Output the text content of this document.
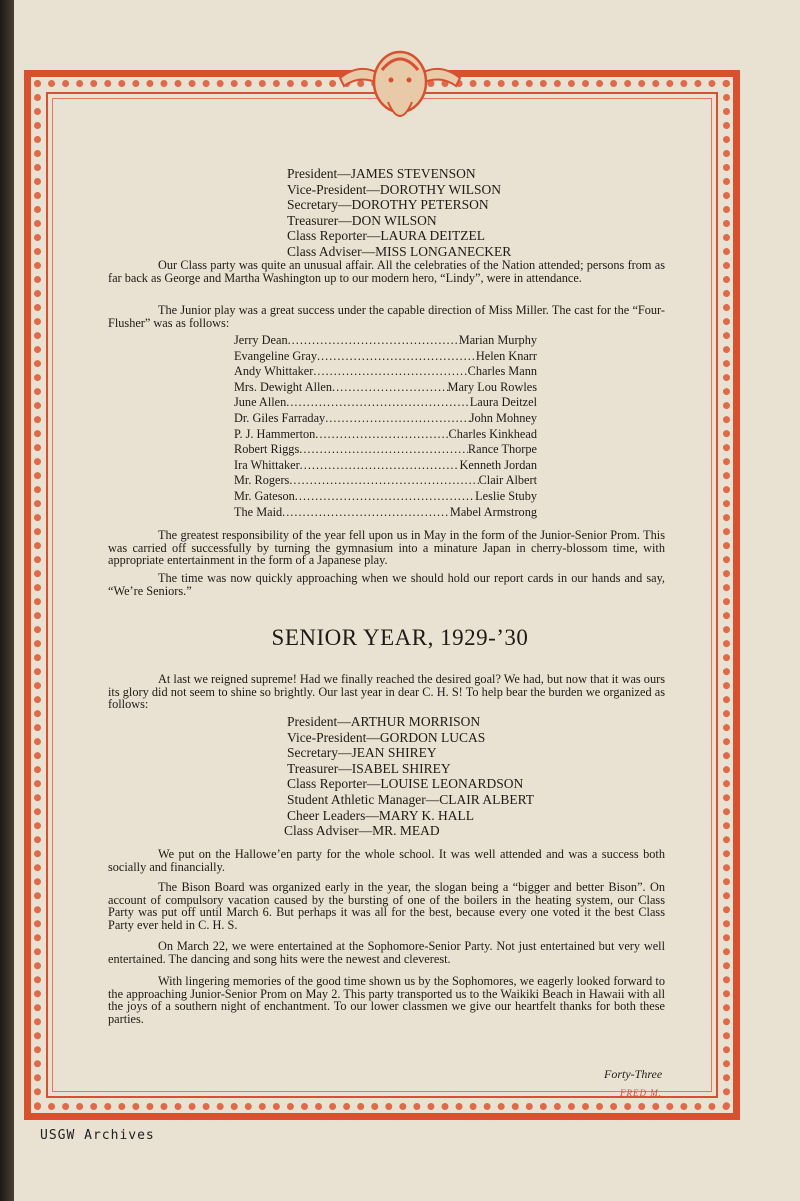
President—JAMES STEVENSON
Vice-President—DOROTHY WILSON
Secretary—DOROTHY PETERSON
Treasurer—DON WILSON
Class Reporter—LAURA DEITZEL
Class Adviser—MISS LONGANECKER
Our Class party was quite an unusual affair. All the celebraties of the Nation attended; persons from as far back as George and Martha Washington up to our modern hero, “Lindy”, were in attendance.
The Junior play was a great success under the capable direction of Miss Miller. The cast for the “Four-Flusher” was as follows:
Jerry Dean .....	Marian Murphy
Evangeline Gray .....	Helen Knarr
Andy Whittaker .....	Charles Mann
Mrs. Dewight Allen .....	Mary Lou Rowles
June Allen .....	Laura Deitzel
Dr. Giles Farraday .....	John Mohney
P. J. Hammerton .....	Charles Kinkhead
Robert Riggs .....	Rance Thorpe
Ira Whittaker .....	Kenneth Jordan
Mr. Rogers .....	Clair Albert
Mr. Gateson .....	Leslie Stuby
The Maid .....	Mabel Armstrong
The greatest responsibility of the year fell upon us in May in the form of the Junior-Senior Prom. This was carried off successfully by turning the gymnasium into a minature Japan in cherry-blossom time, with appropriate entertainment in the form of a Japanese play.
The time was now quickly approaching when we should hold our report cards in our hands and say, “We’re Seniors.”
SENIOR YEAR, 1929-’30
At last we reigned supreme! Had we finally reached the desired goal? We had, but now that it was ours its glory did not seem to shine so brightly. Our last year in dear C. H. S! To help bear the burden we organized as follows:
President—ARTHUR MORRISON
Vice-President—GORDON LUCAS
Secretary—JEAN SHIREY
Treasurer—ISABEL SHIREY
Class Reporter—LOUISE LEONARDSON
Student Athletic Manager—CLAIR ALBERT
Cheer Leaders—MARY K. HALL
Class Adviser—MR. MEAD
We put on the Hallowe’en party for the whole school. It was well attended and was a success both socially and financially.
The Bison Board was organized early in the year, the slogan being a “bigger and better Bison”. On account of compulsory vacation caused by the bursting of one of the boilers in the heating system, our Class Party was put off until March 6. But perhaps it was all for the best, because every one voted it the best Class Party ever held in C. H. S.
On March 22, we were entertained at the Sophomore-Senior Party. Not just entertained but very well entertained. The dancing and song hits were the newest and cleverest.
With lingering memories of the good time shown us by the Sophomores, we eagerly looked forward to the approaching Junior-Senior Prom on May 2. This party transported us to the Waikiki Beach in Hawaii with all the joys of a southern night of enchantment. To our lower classmen we give our heartfelt thanks for both these parties.
Forty-Three
FRED M.
USGW Archives
